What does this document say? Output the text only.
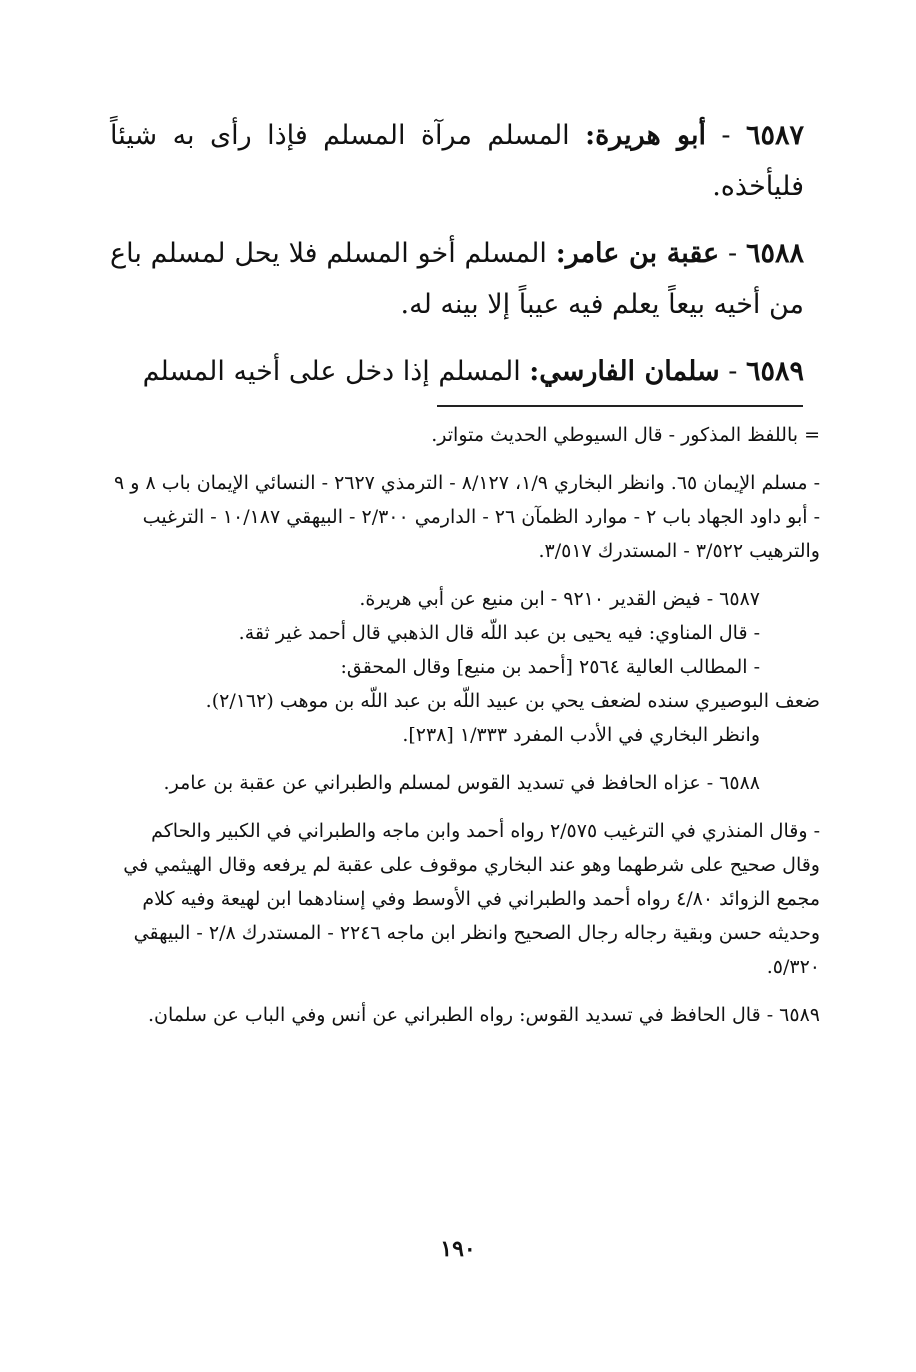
٦٥٨٧ - أبو هريرة: المسلم مرآة المسلم فإذا رأى به شيئاً فليأخذه.

٦٥٨٨ - عقبة بن عامر: المسلم أخو المسلم فلا يحل لمسلم باع من أخيه بيعاً يعلم فيه عيباً إلا بينه له.

٦٥٨٩ - سلمان الفارسي: المسلم إذا دخل على أخيه المسلم

= باللفظ المذكور - قال السيوطي الحديث متواتر.

- مسلم الإيمان ٦٥. وانظر البخاري ١/٩، ٨/١٢٧ - الترمذي ٢٦٢٧ - النسائي الإيمان باب ٨ و ٩ - أبو داود الجهاد باب ٢ - موارد الظمآن ٢٦ - الدارمي ٢/٣٠٠ - البيهقي ١٠/١٨٧ - الترغيب والترهيب ٣/٥٢٢ - المستدرك ٣/٥١٧.

٦٥٨٧ - فيض القدير ٩٢١٠ - ابن منيع عن أبي هريرة.

- قال المناوي: فيه يحيى بن عبد اللّه قال الذهبي قال أحمد غير ثقة.

- المطالب العالية ٢٥٦٤ [أحمد بن منيع] وقال المحقق:

ضعف البوصيري سنده لضعف يحي بن عبيد اللّه بن عبد اللّه بن موهب (٢/١٦٢).

وانظر البخاري في الأدب المفرد ١/٣٣٣ [٢٣٨].

٦٥٨٨ - عزاه الحافظ في تسديد القوس لمسلم والطبراني عن عقبة بن عامر.

- وقال المنذري في الترغيب ٢/٥٧٥ رواه أحمد وابن ماجه والطبراني في الكبير والحاكم وقال صحيح على شرطهما وهو عند البخاري موقوف على عقبة لم يرفعه وقال الهيثمي في مجمع الزوائد ٤/٨٠ رواه أحمد والطبراني في الأوسط وفي إسنادهما ابن لهيعة وفيه كلام وحديثه حسن وبقية رجاله رجال الصحيح وانظر ابن ماجه ٢٢٤٦ - المستدرك ٢/٨ - البيهقي ٥/٣٢٠.

٦٥٨٩ - قال الحافظ في تسديد القوس: رواه الطبراني عن أنس وفي الباب عن سلمان.

١٩٠
